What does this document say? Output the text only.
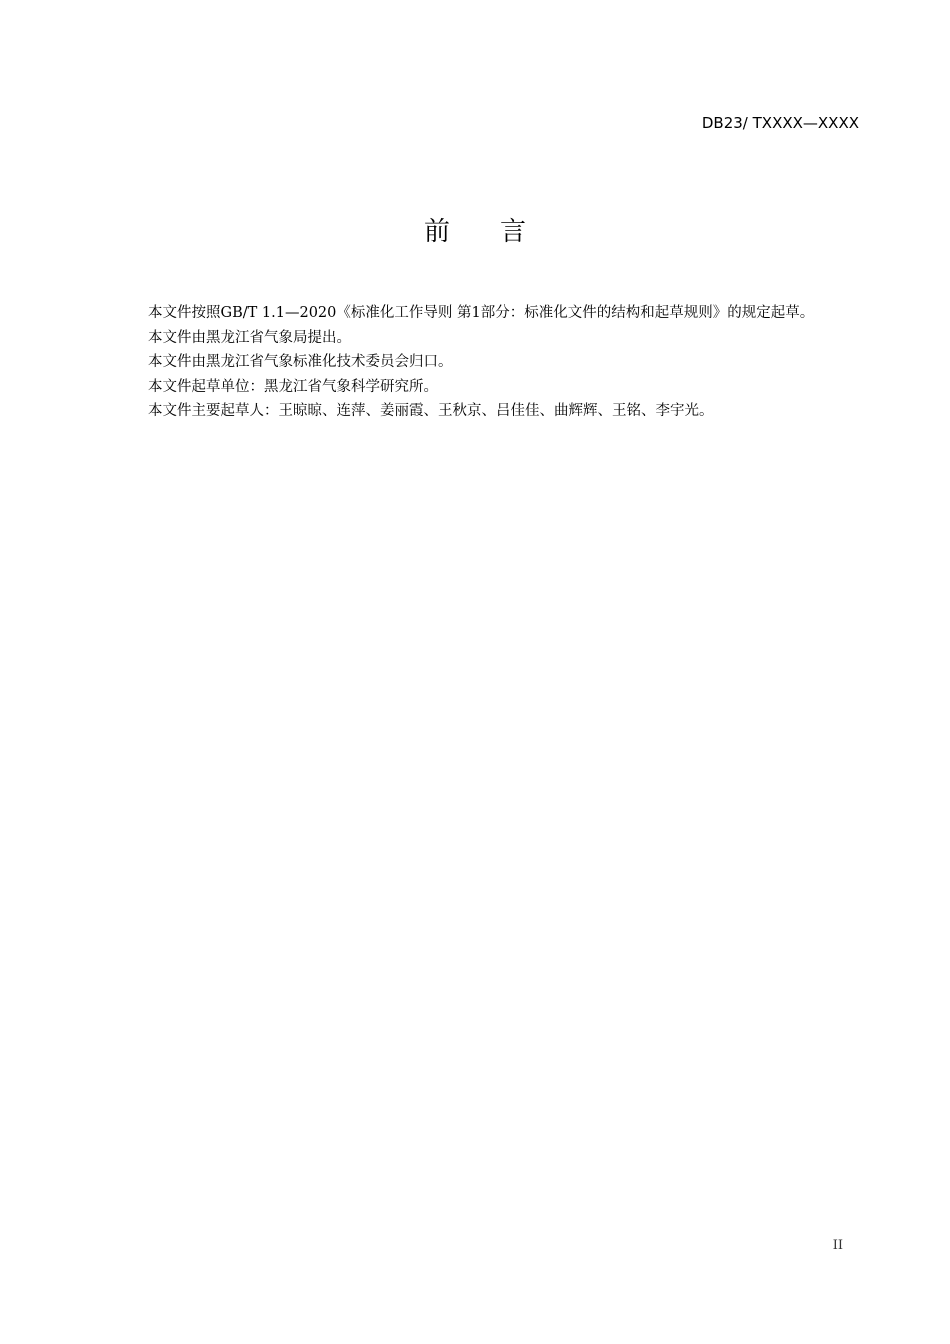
DB23/ TXXXX—XXXX
前 言

本文件按照GB/T 1.1—2020《标准化工作导则 第1部分：标准化文件的结构和起草规则》的规定起草。

本文件由黑龙江省气象局提出。

本文件由黑龙江省气象标准化技术委员会归口。

本文件起草单位：黑龙江省气象科学研究所。

本文件主要起草人：王晾晾、连萍、姜丽霞、王秋京、吕佳佳、曲辉辉、王铭、李宇光。

II
